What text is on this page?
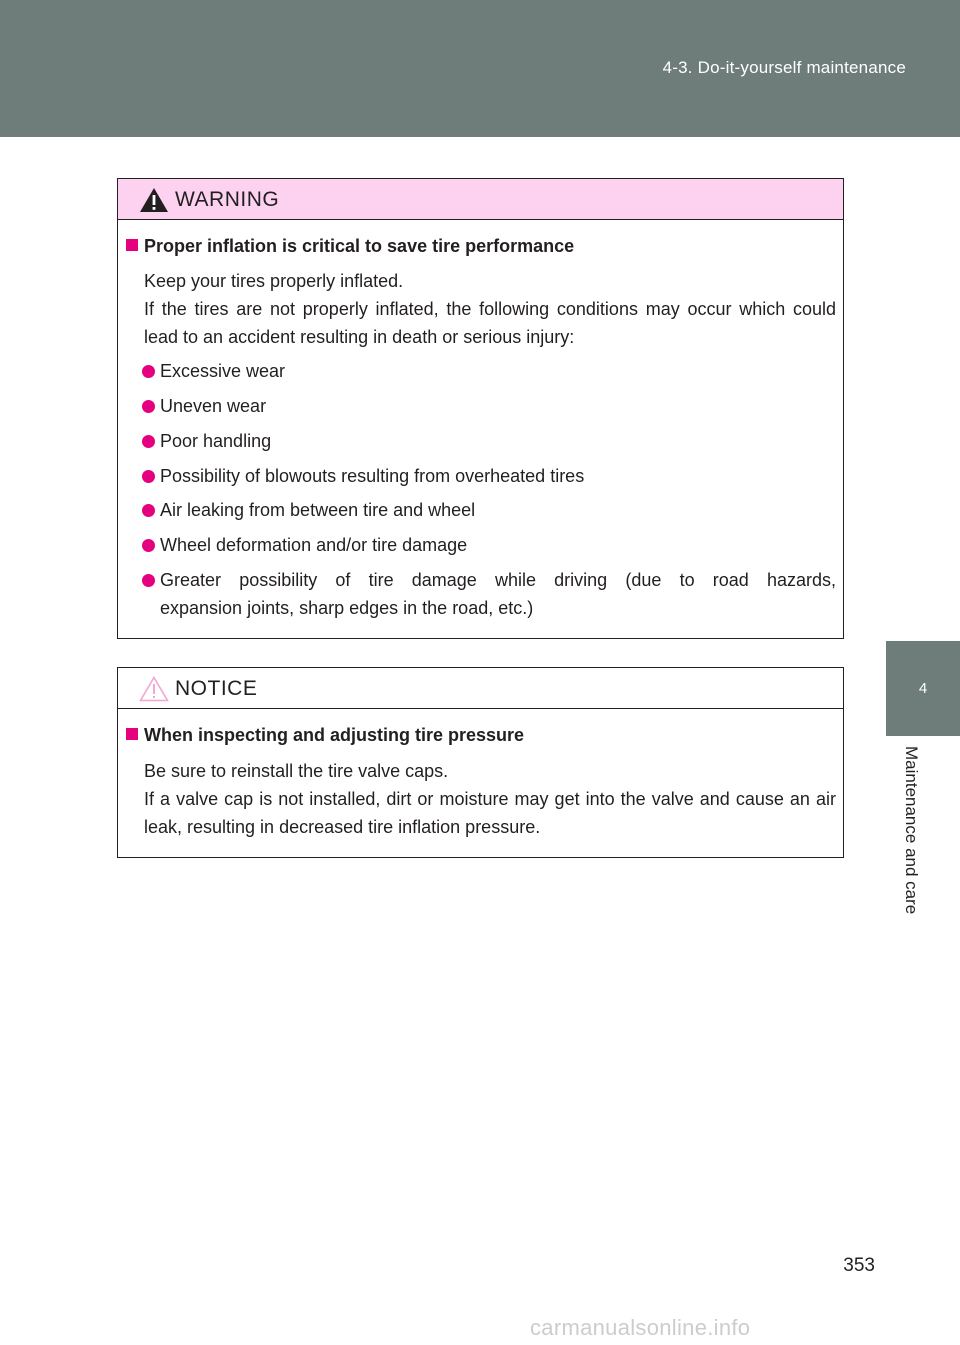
4-3. Do-it-yourself maintenance
4
Maintenance and care
WARNING
Proper inflation is critical to save tire performance
Keep your tires properly inflated.
If the tires are not properly inflated, the following conditions may occur which could lead to an accident resulting in death or serious injury:
Excessive wear
Uneven wear
Poor handling
Possibility of blowouts resulting from overheated tires
Air leaking from between tire and wheel
Wheel deformation and/or tire damage
Greater possibility of tire damage while driving (due to road hazards,
expansion joints, sharp edges in the road, etc.)
NOTICE
When inspecting and adjusting tire pressure
Be sure to reinstall the tire valve caps.
If a valve cap is not installed, dirt or moisture may get into the valve and cause an air leak, resulting in decreased tire inflation pressure.
353
carmanualsonline.info
